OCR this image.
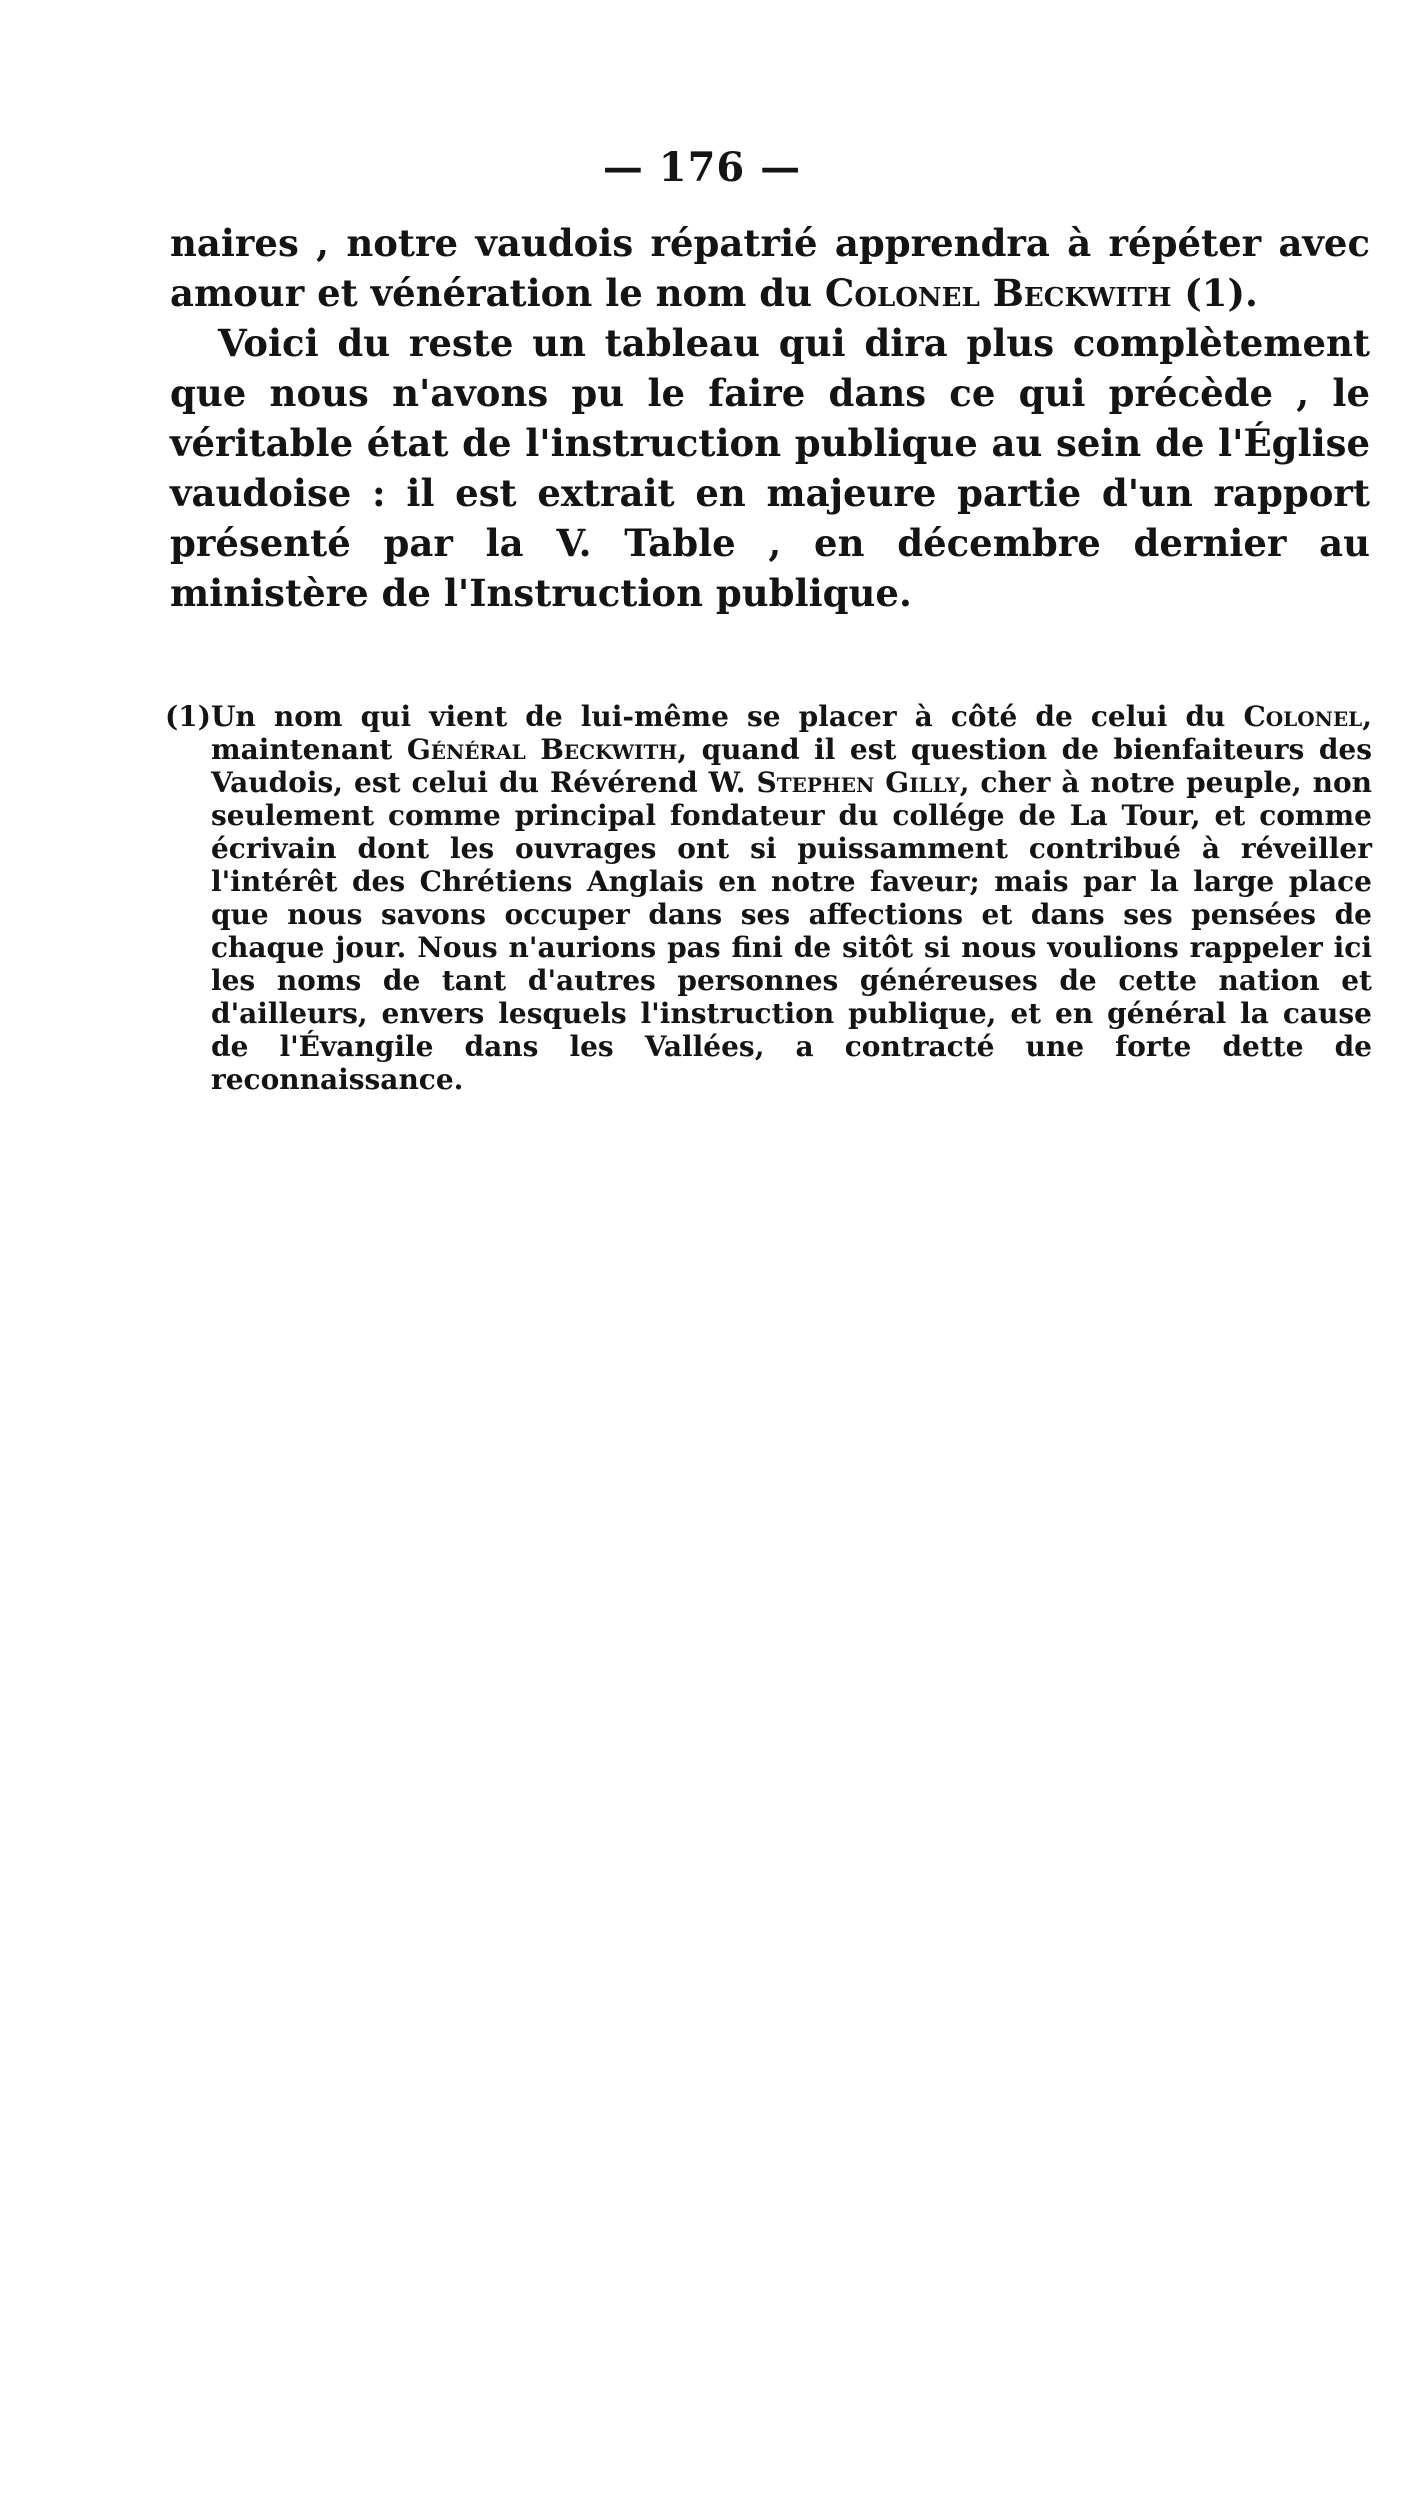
— 176 —

naires , notre vaudois répatrié apprendra à répéter avec amour et vénération le nom du Colonel Beckwith (1).

Voici du reste un tableau qui dira plus complètement que nous n'avons pu le faire dans ce qui précède , le véritable état de l'instruction publique au sein de l'Église vaudoise : il est extrait en majeure partie d'un rapport présenté par la V. Table , en décembre dernier au ministère de l'Instruction publique.

(1) Un nom qui vient de lui-même se placer à côté de celui du Colonel, maintenant Général Beckwith, quand il est question de bienfaiteurs des Vaudois, est celui du Révérend W. Stephen Gilly, cher à notre peuple, non seulement comme principal fondateur du collége de La Tour, et comme écrivain dont les ouvrages ont si puissamment contribué à réveiller l'intérêt des Chrétiens Anglais en notre faveur; mais par la large place que nous savons occuper dans ses affections et dans ses pensées de chaque jour. Nous n'aurions pas fini de sitôt si nous voulions rappeler ici les noms de tant d'autres personnes généreuses de cette nation et d'ailleurs, envers lesquels l'instruction publique, et en général la cause de l'Évangile dans les Vallées, a contracté une forte dette de reconnaissance.
